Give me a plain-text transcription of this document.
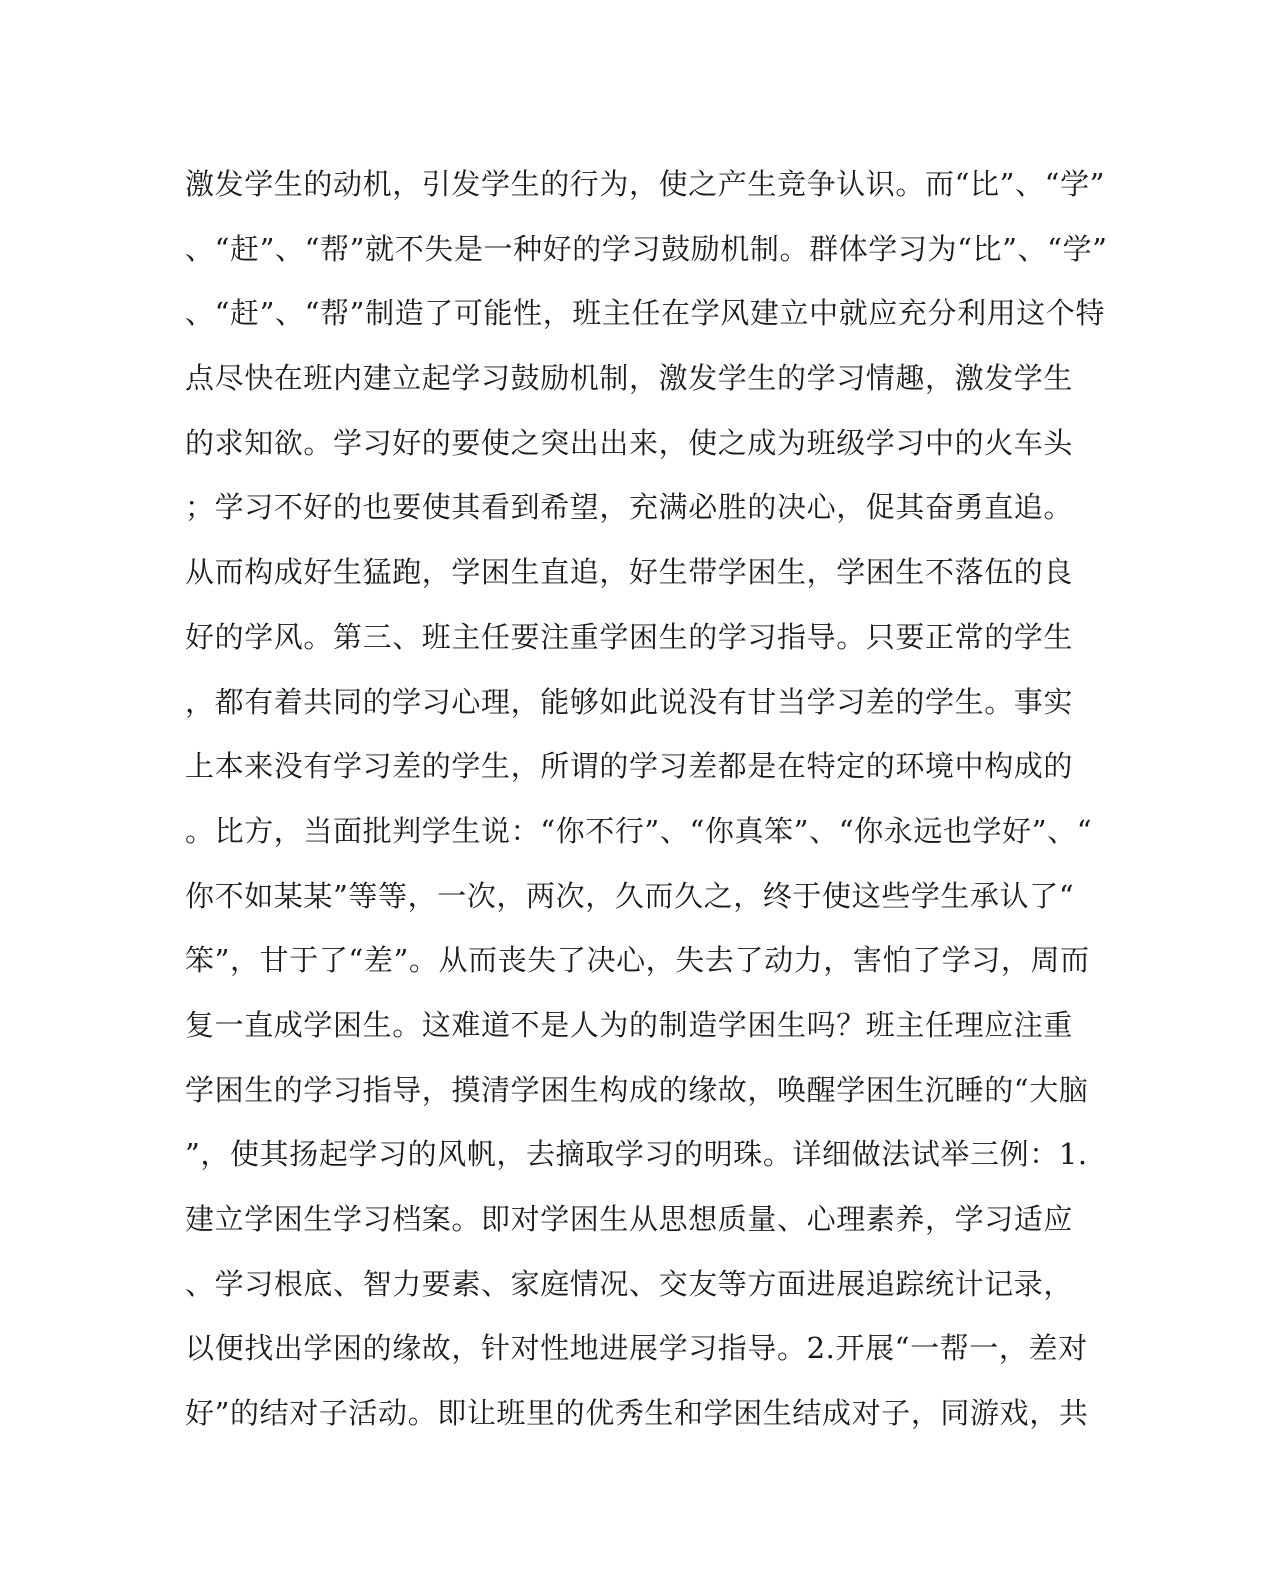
激发学生的动机，引发学生的行为，使之产生竞争认识。而“比”、“学”
、“赶”、“帮”就不失是一种好的学习鼓励机制。群体学习为“比”、“学”
、“赶”、“帮”制造了可能性，班主任在学风建立中就应充分利用这个特
点尽快在班内建立起学习鼓励机制，激发学生的学习情趣，激发学生
的求知欲。学习好的要使之突出出来，使之成为班级学习中的火车头
；学习不好的也要使其看到希望，充满必胜的决心，促其奋勇直追。
从而构成好生猛跑，学困生直追，好生带学困生，学困生不落伍的良
好的学风。第三、班主任要注重学困生的学习指导。只要正常的学生
，都有着共同的学习心理，能够如此说没有甘当学习差的学生。事实
上本来没有学习差的学生，所谓的学习差都是在特定的环境中构成的
。比方，当面批判学生说：“你不行”、“你真笨”、“你永远也学好”、“
你不如某某”等等，一次，两次，久而久之，终于使这些学生承认了“
笨”，甘于了“差”。从而丧失了决心，失去了动力，害怕了学习，周而
复一直成学困生。这难道不是人为的制造学困生吗？班主任理应注重
学困生的学习指导，摸清学困生构成的缘故，唤醒学困生沉睡的“大脑
”，使其扬起学习的风帆，去摘取学习的明珠。详细做法试举三例：1.
建立学困生学习档案。即对学困生从思想质量、心理素养，学习适应
、学习根底、智力要素、家庭情况、交友等方面进展追踪统计记录，
以便找出学困的缘故，针对性地进展学习指导。2.开展“一帮一，差对
好”的结对子活动。即让班里的优秀生和学困生结成对子，同游戏，共
